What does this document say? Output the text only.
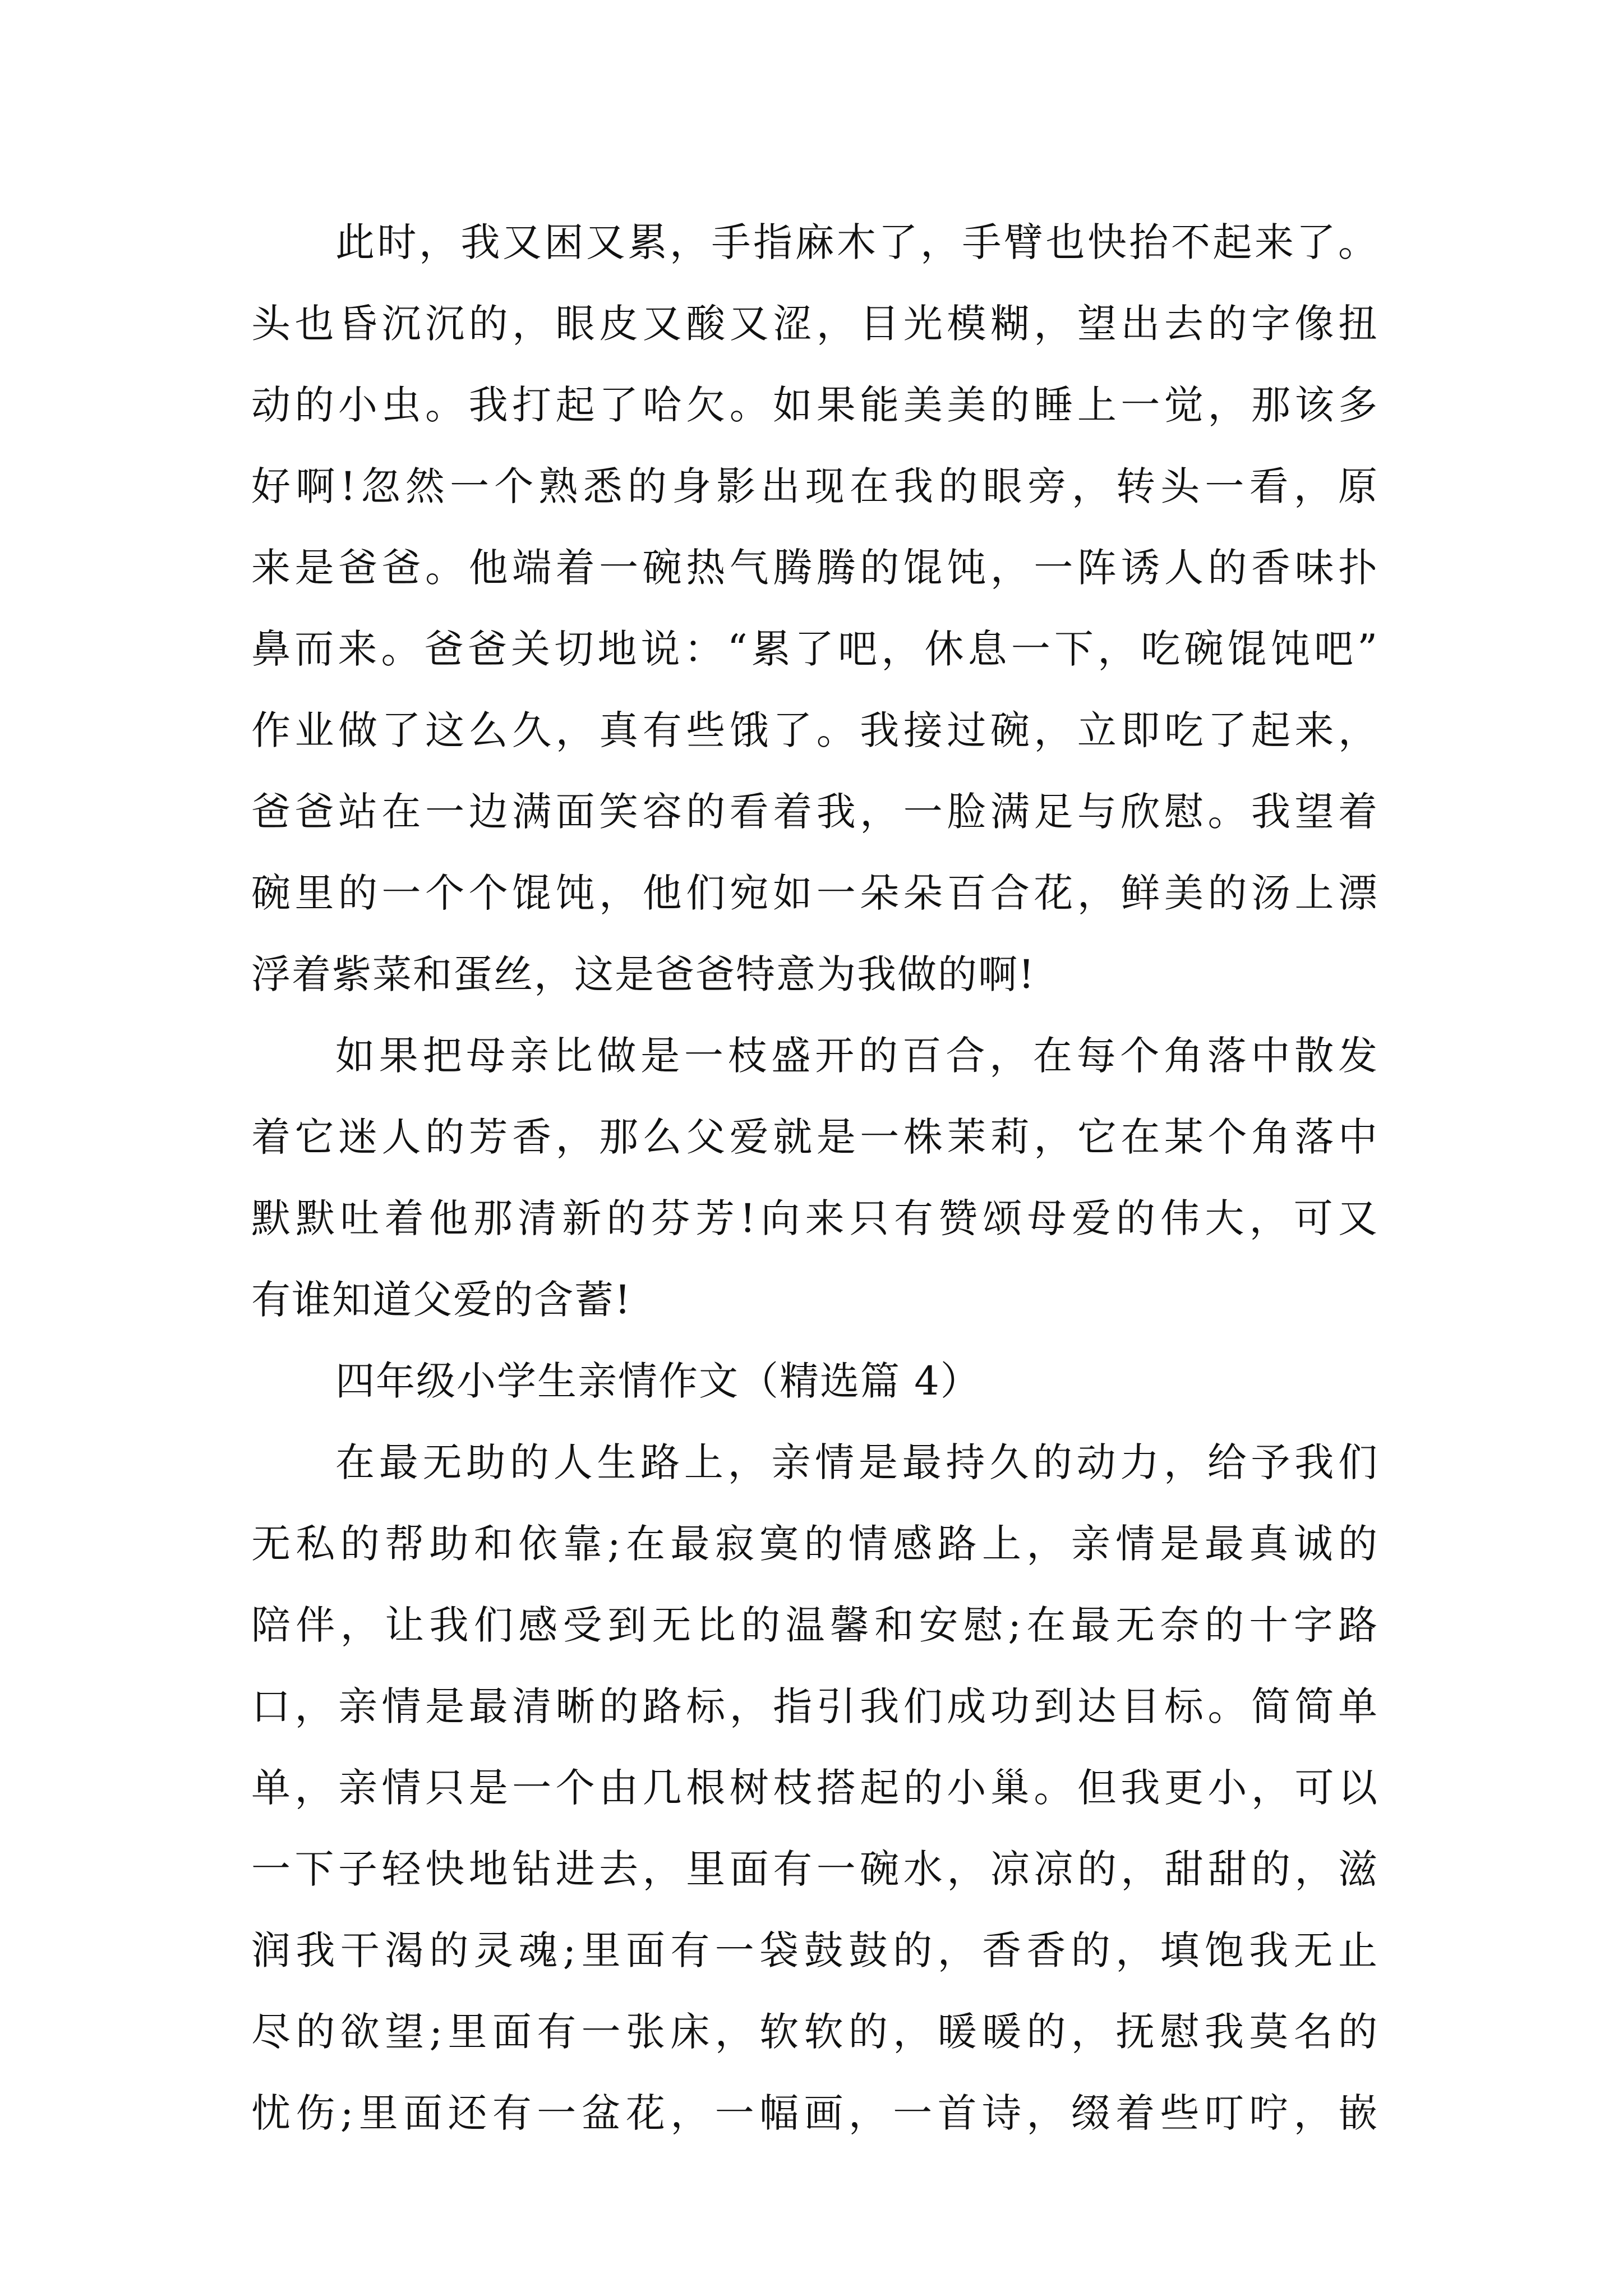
此时，我又困又累，手指麻木了，手臂也快抬不起来了。
头也昏沉沉的，眼皮又酸又涩，目光模糊，望出去的字像扭
动的小虫。我打起了哈欠。如果能美美的睡上一觉，那该多
好啊!忽然一个熟悉的身影出现在我的眼旁，转头一看，原
来是爸爸。他端着一碗热气腾腾的馄饨，一阵诱人的香味扑
鼻而来。爸爸关切地说：“累了吧，休息一下，吃碗馄饨吧”
作业做了这么久，真有些饿了。我接过碗，立即吃了起来，
爸爸站在一边满面笑容的看着我，一脸满足与欣慰。我望着
碗里的一个个馄饨，他们宛如一朵朵百合花，鲜美的汤上漂
浮着紫菜和蛋丝，这是爸爸特意为我做的啊!
如果把母亲比做是一枝盛开的百合，在每个角落中散发
着它迷人的芳香，那么父爱就是一株茉莉，它在某个角落中
默默吐着他那清新的芬芳!向来只有赞颂母爱的伟大，可又
有谁知道父爱的含蓄!
四年级小学生亲情作文（精选篇 4）
在最无助的人生路上，亲情是最持久的动力，给予我们
无私的帮助和依靠;在最寂寞的情感路上，亲情是最真诚的
陪伴，让我们感受到无比的温馨和安慰;在最无奈的十字路
口，亲情是最清晰的路标，指引我们成功到达目标。简简单
单，亲情只是一个由几根树枝搭起的小巢。但我更小，可以
一下子轻快地钻进去，里面有一碗水，凉凉的，甜甜的，滋
润我干渴的灵魂;里面有一袋鼓鼓的，香香的，填饱我无止
尽的欲望;里面有一张床，软软的，暖暖的，抚慰我莫名的
忧伤;里面还有一盆花，一幅画，一首诗，缀着些叮咛，嵌
